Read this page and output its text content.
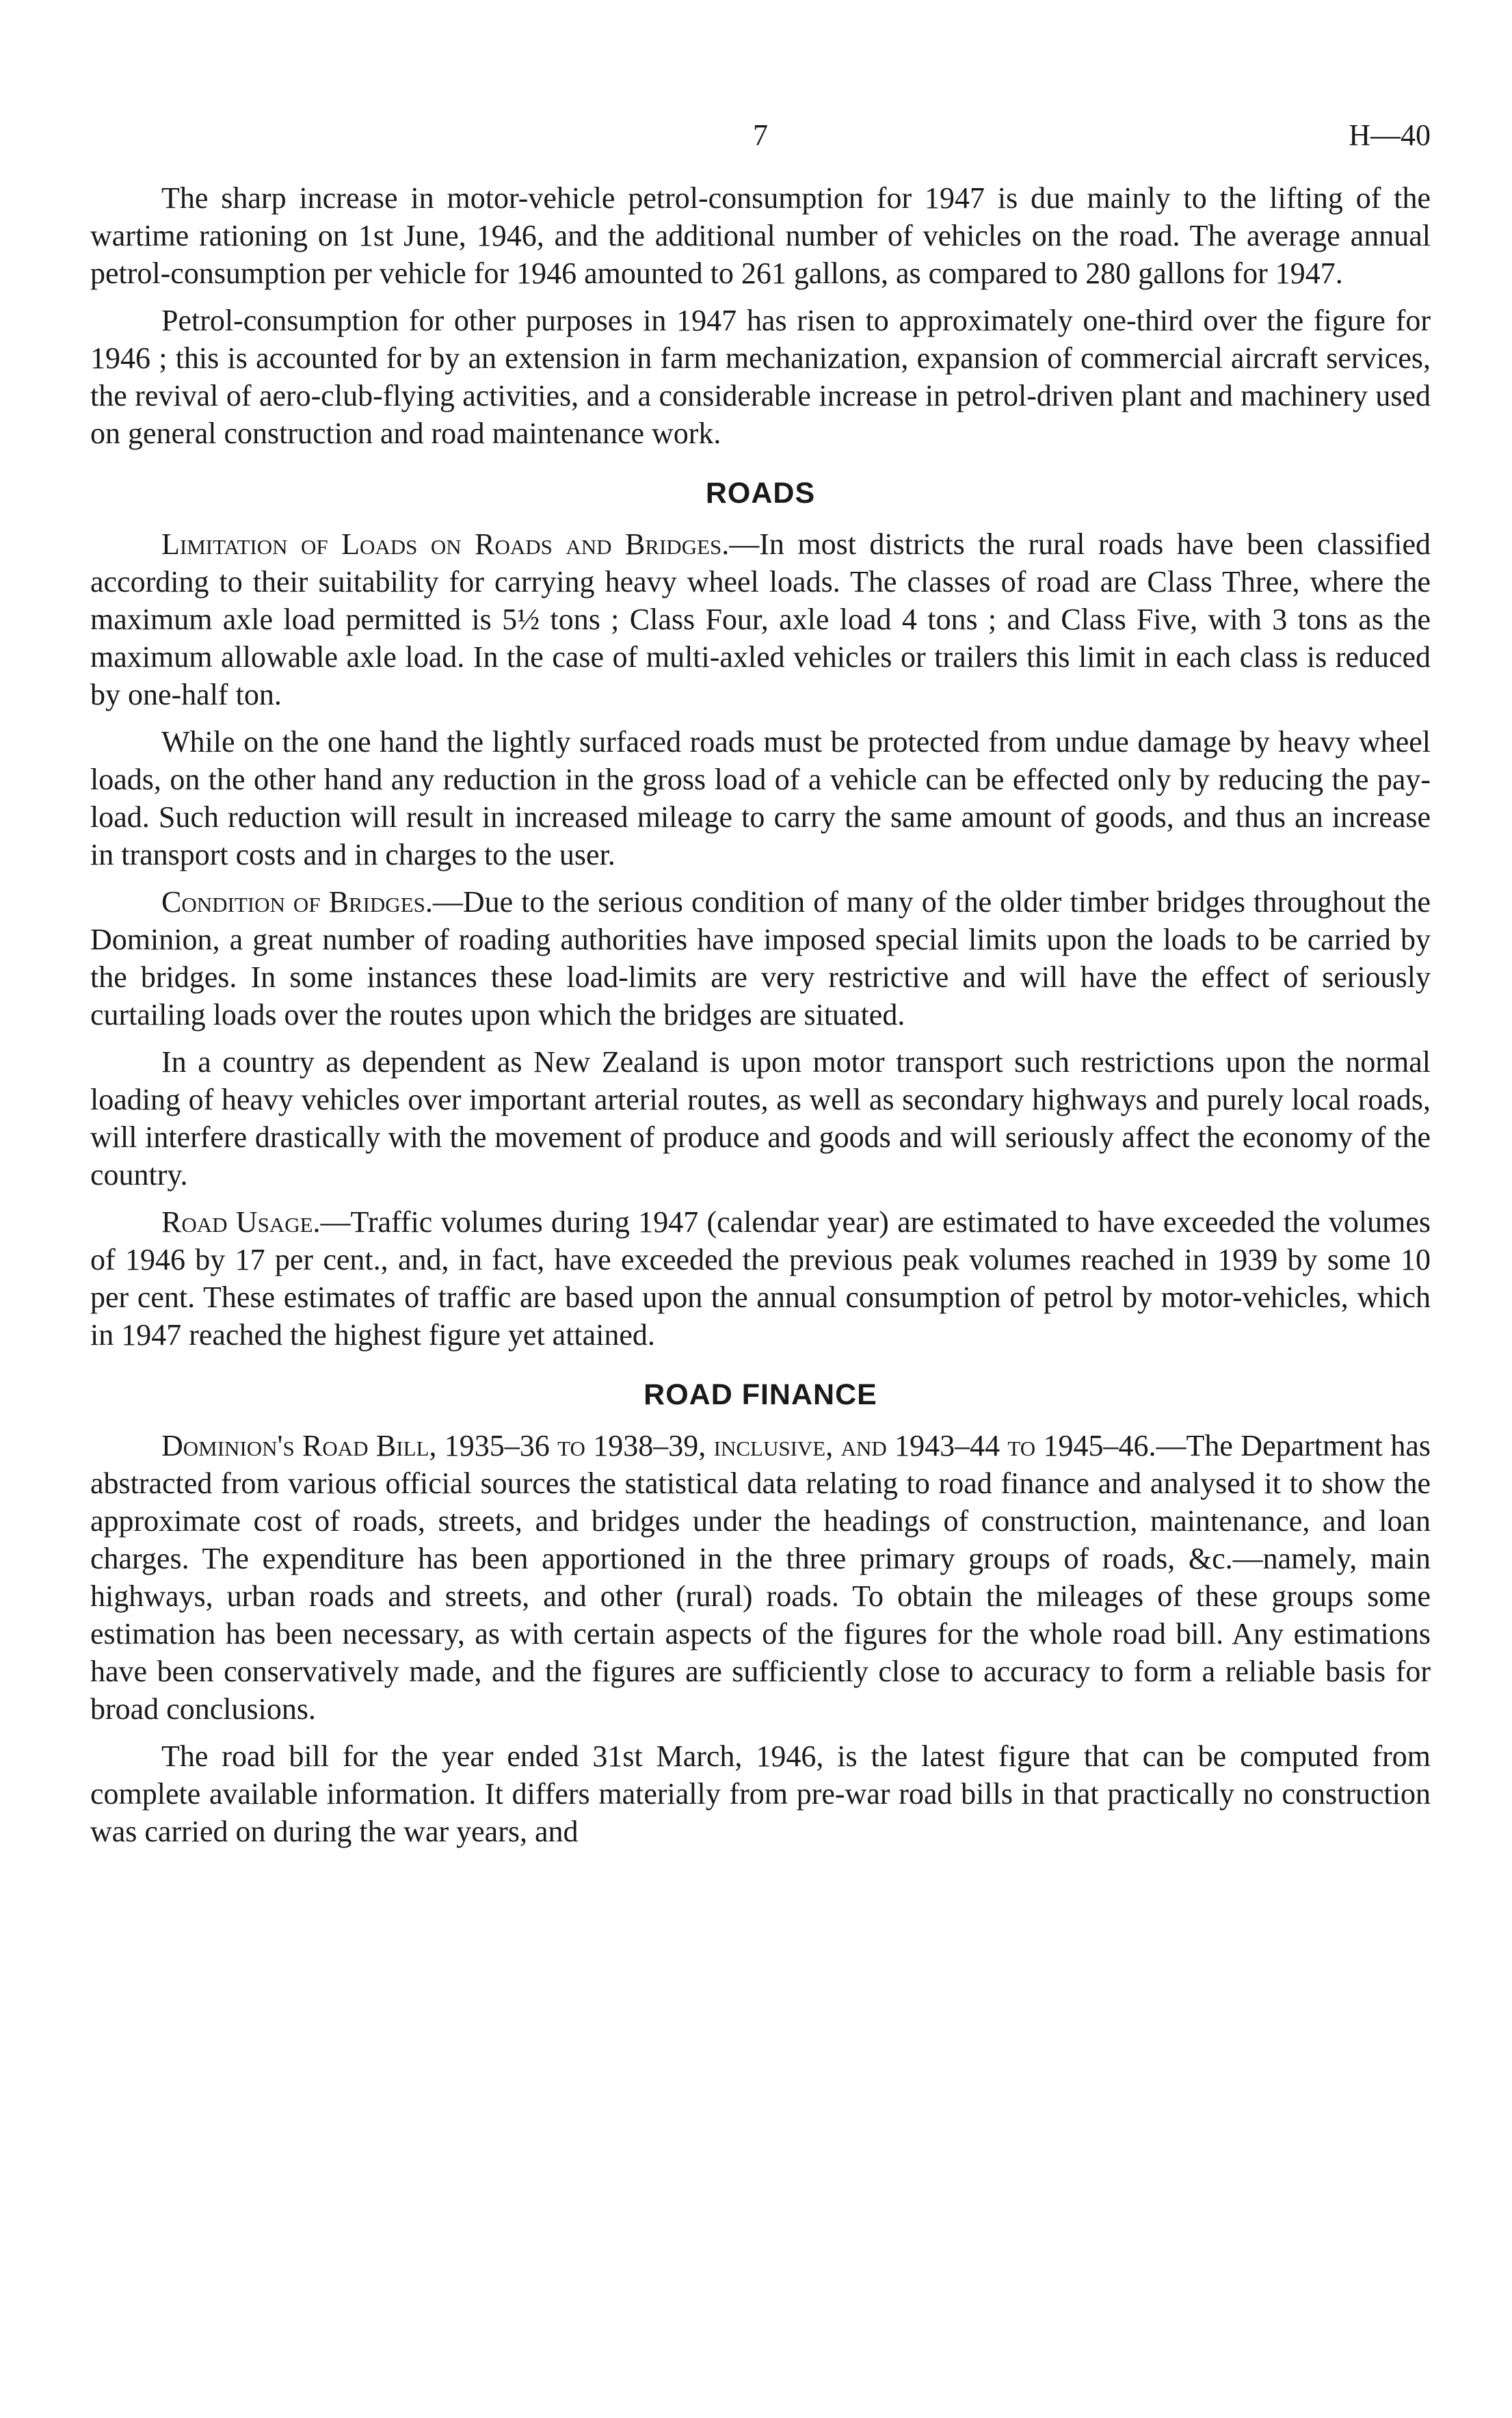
7	H—40

The sharp increase in motor-vehicle petrol-consumption for 1947 is due mainly to the lifting of the wartime rationing on 1st June, 1946, and the additional number of vehicles on the road. The average annual petrol-consumption per vehicle for 1946 amounted to 261 gallons, as compared to 280 gallons for 1947.

Petrol-consumption for other purposes in 1947 has risen to approximately one-third over the figure for 1946 ; this is accounted for by an extension in farm mechanization, expansion of commercial aircraft services, the revival of aero-club-flying activities, and a considerable increase in petrol-driven plant and machinery used on general construction and road maintenance work.

ROADS

Limitation of Loads on Roads and Bridges.—In most districts the rural roads have been classified according to their suitability for carrying heavy wheel loads. The classes of road are Class Three, where the maximum axle load permitted is 5½ tons ; Class Four, axle load 4 tons ; and Class Five, with 3 tons as the maximum allowable axle load. In the case of multi-axled vehicles or trailers this limit in each class is reduced by one-half ton.

While on the one hand the lightly surfaced roads must be protected from undue damage by heavy wheel loads, on the other hand any reduction in the gross load of a vehicle can be effected only by reducing the pay-load. Such reduction will result in increased mileage to carry the same amount of goods, and thus an increase in transport costs and in charges to the user.

Condition of Bridges.—Due to the serious condition of many of the older timber bridges throughout the Dominion, a great number of roading authorities have imposed special limits upon the loads to be carried by the bridges. In some instances these load-limits are very restrictive and will have the effect of seriously curtailing loads over the routes upon which the bridges are situated.

In a country as dependent as New Zealand is upon motor transport such restrictions upon the normal loading of heavy vehicles over important arterial routes, as well as secondary highways and purely local roads, will interfere drastically with the movement of produce and goods and will seriously affect the economy of the country.

Road Usage.—Traffic volumes during 1947 (calendar year) are estimated to have exceeded the volumes of 1946 by 17 per cent., and, in fact, have exceeded the previous peak volumes reached in 1939 by some 10 per cent. These estimates of traffic are based upon the annual consumption of petrol by motor-vehicles, which in 1947 reached the highest figure yet attained.

ROAD FINANCE

Dominion's Road Bill, 1935–36 to 1938–39, inclusive, and 1943–44 to 1945–46.—The Department has abstracted from various official sources the statistical data relating to road finance and analysed it to show the approximate cost of roads, streets, and bridges under the headings of construction, maintenance, and loan charges. The expenditure has been apportioned in the three primary groups of roads, &c.—namely, main highways, urban roads and streets, and other (rural) roads. To obtain the mileages of these groups some estimation has been necessary, as with certain aspects of the figures for the whole road bill. Any estimations have been conservatively made, and the figures are sufficiently close to accuracy to form a reliable basis for broad conclusions.

The road bill for the year ended 31st March, 1946, is the latest figure that can be computed from complete available information. It differs materially from pre-war road bills in that practically no construction was carried on during the war years, and
